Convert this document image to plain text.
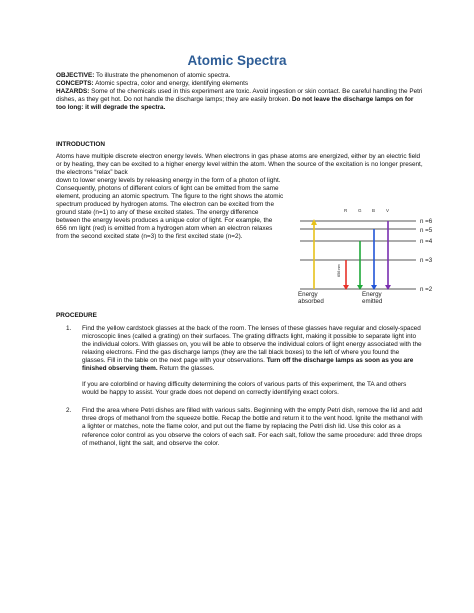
Atomic Spectra

OBJECTIVE: To illustrate the phenomenon of atomic spectra.

CONCEPTS: Atomic spectra, color and energy, identifying elements

HAZARDS: Some of the chemicals used in this experiment are toxic. Avoid ingestion or skin contact. Be careful handling the Petri dishes, as they get hot. Do not handle the discharge lamps; they are easily broken. Do not leave the discharge lamps on for too long: it will degrade the spectra.

INTRODUCTION

Atoms have multiple discrete electron energy levels. When electrons in gas phase atoms are energized, either by an electric field or by heating, they can be excited to a higher energy level within the atom. When the source of the excitation is no longer present, the electrons “relax” back

down to lower energy levels by releasing energy in the form of a photon of light. Consequently, photons of different colors of light can be emitted from the same element, producing an atomic spectrum. The figure to the right shows the atomic spectrum produced by hydrogen atoms. The electron can be excited from the ground state (n=1) to any of these excited states. The energy difference between the energy levels produces a unique color of light. For example, the 656 nm light (red) is emitted from a hydrogen atom when an electron relaxes from the second excited state (n=3) to the first excited state (n=2).

R G B V
n =6
n =5
n =4
n =3
n =2
656 nm
Energy absorbed
Energy emitted

PROCEDURE

1. Find the yellow cardstock glasses at the back of the room. The lenses of these glasses have regular and closely-spaced microscopic lines (called a grating) on their surfaces. The grating diffracts light, making it possible to separate light into the individual colors. With glasses on, you will be able to observe the individual colors of light energy associated with the relaxing electrons. Find the gas discharge lamps (they are the tall black boxes) to the left of where you found the glasses. Fill in the table on the next page with your observations. Turn off the discharge lamps as soon as you are finished observing them. Return the glasses.

If you are colorblind or having difficulty determining the colors of various parts of this experiment, the TA and others would be happy to assist. Your grade does not depend on correctly identifying exact colors.

2. Find the area where Petri dishes are filled with various salts. Beginning with the empty Petri dish, remove the lid and add three drops of methanol from the squeeze bottle. Recap the bottle and return it to the vent hood. Ignite the methanol with a lighter or matches, note the flame color, and put out the flame by replacing the Petri dish lid. Use this color as a reference color control as you observe the colors of each salt. For each salt, follow the same procedure: add three drops of methanol, light the salt, and observe the color.
